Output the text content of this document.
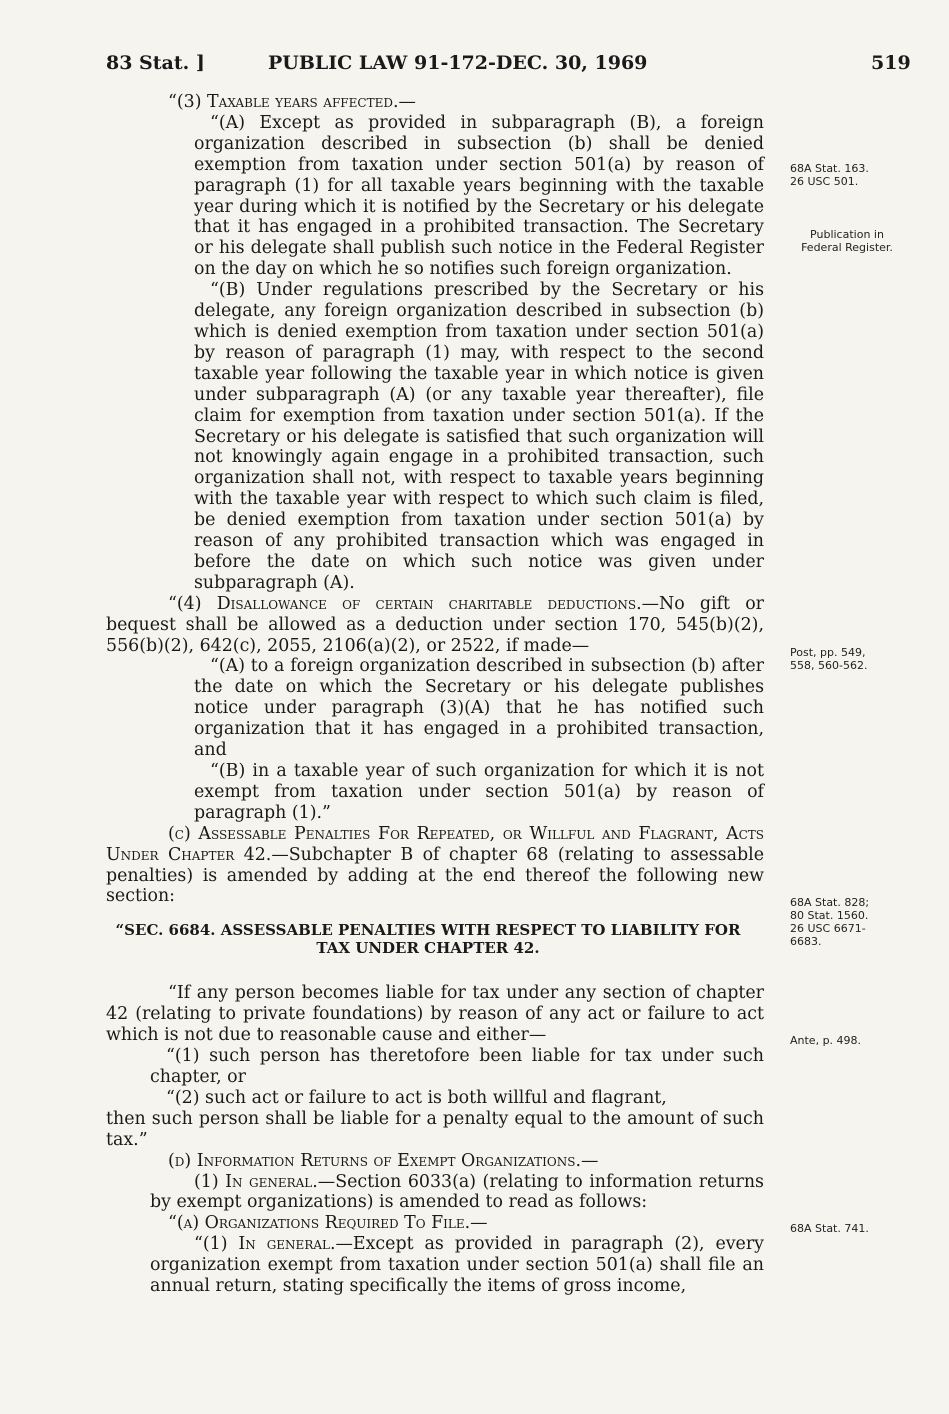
83 Stat. ]	PUBLIC LAW 91-172-DEC. 30, 1969	519

“(3) Taxable years affected.—

“(A) Except as provided in subparagraph (B), a foreign organization described in subsection (b) shall be denied exemption from taxation under section 501(a) by reason of paragraph (1) for all taxable years beginning with the taxable year during which it is notified by the Secretary or his delegate that it has engaged in a prohibited transaction. The Secretary or his delegate shall publish such notice in the Federal Register on the day on which he so notifies such foreign organization.

“(B) Under regulations prescribed by the Secretary or his delegate, any foreign organization described in subsection (b) which is denied exemption from taxation under section 501(a) by reason of paragraph (1) may, with respect to the second taxable year following the taxable year in which notice is given under subparagraph (A) (or any taxable year thereafter), file claim for exemption from taxation under section 501(a). If the Secretary or his delegate is satisfied that such organization will not knowingly again engage in a prohibited transaction, such organization shall not, with respect to taxable years beginning with the taxable year with respect to which such claim is filed, be denied exemption from taxation under section 501(a) by reason of any prohibited transaction which was engaged in before the date on which such notice was given under subparagraph (A).

“(4) Disallowance of certain charitable deductions.—No gift or bequest shall be allowed as a deduction under section 170, 545(b)(2), 556(b)(2), 642(c), 2055, 2106(a)(2), or 2522, if made—

“(A) to a foreign organization described in subsection (b) after the date on which the Secretary or his delegate publishes notice under paragraph (3)(A) that he has notified such organization that it has engaged in a prohibited transaction, and

“(B) in a taxable year of such organization for which it is not exempt from taxation under section 501(a) by reason of paragraph (1).”

(c) Assessable Penalties For Repeated, or Willful and Flagrant, Acts Under Chapter 42.—Subchapter B of chapter 68 (relating to assessable penalties) is amended by adding at the end thereof the following new section:

“SEC. 6684. ASSESSABLE PENALTIES WITH RESPECT TO LIABILITY FOR TAX UNDER CHAPTER 42.

“If any person becomes liable for tax under any section of chapter 42 (relating to private foundations) by reason of any act or failure to act which is not due to reasonable cause and either—

“(1) such person has theretofore been liable for tax under such chapter, or

“(2) such act or failure to act is both willful and flagrant,

then such person shall be liable for a penalty equal to the amount of such tax.”

(d) Information Returns of Exempt Organizations.—

(1) In general.—Section 6033(a) (relating to information returns by exempt organizations) is amended to read as follows:

“(a) Organizations Required To File.—

“(1) In general.—Except as provided in paragraph (2), every organization exempt from taxation under section 501(a) shall file an annual return, stating specifically the items of gross income,

68A Stat. 163.
26 USC 501.
Publication in
Federal Register.
Post, pp. 549,
558, 560-562.
68A Stat. 828;
80 Stat. 1560.
26 USC 6671-
6683.
Ante, p. 498.
68A Stat. 741.
